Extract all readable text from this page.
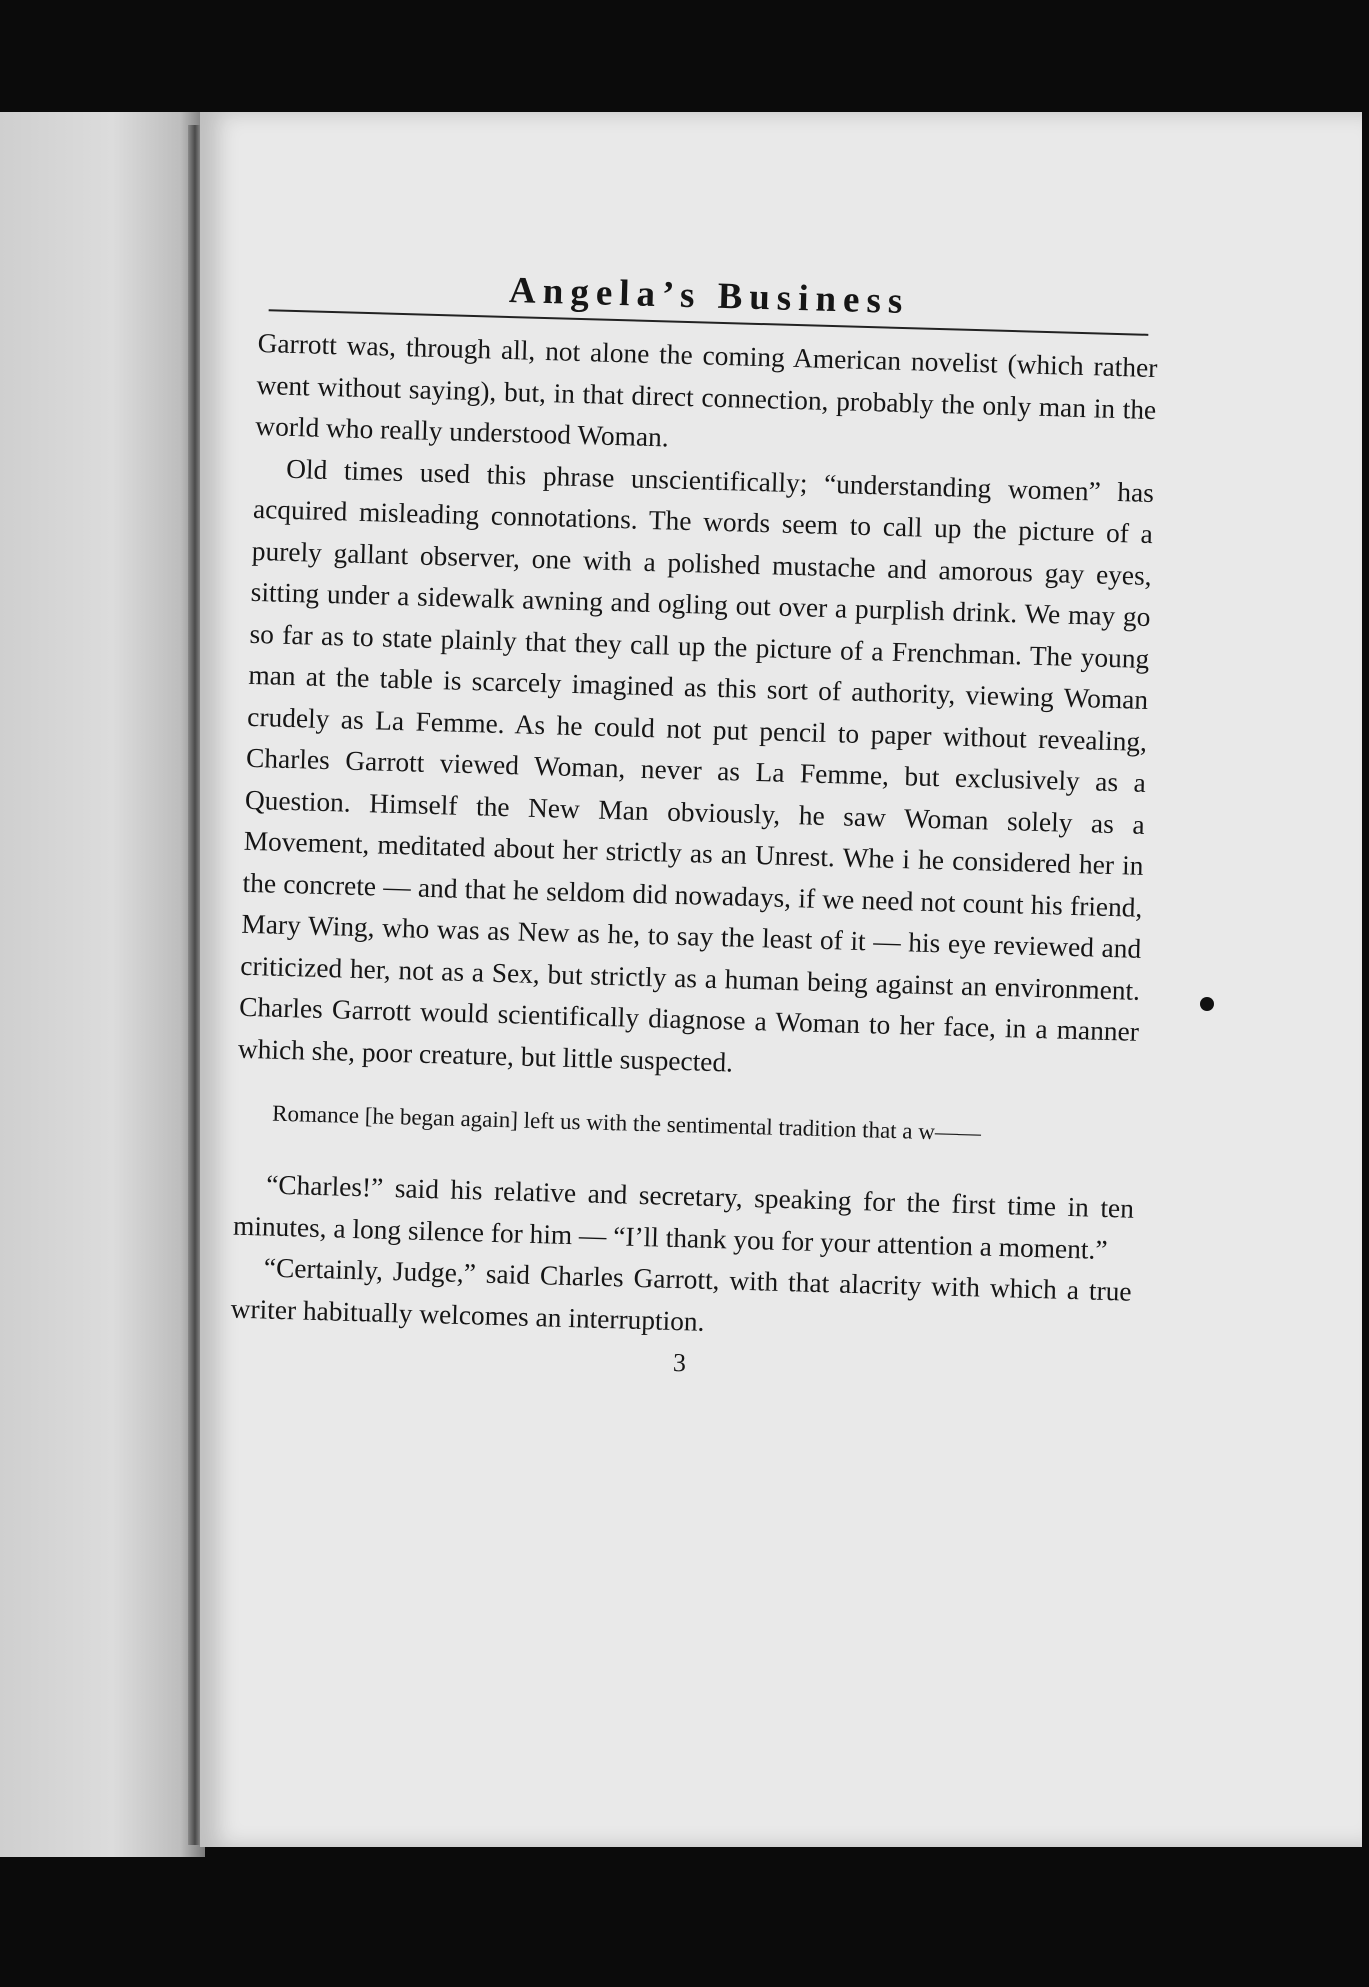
Angela’s Business

Garrott was, through all, not alone the coming American novelist (which rather went without saying), but, in that direct connection, probably the only man in the world who really understood Woman.

Old times used this phrase unscientifically; “understanding women” has acquired misleading connotations. The words seem to call up the picture of a purely gallant observer, one with a polished mustache and amorous gay eyes, sitting under a sidewalk awning and ogling out over a purplish drink. We may go so far as to state plainly that they call up the picture of a Frenchman. The young man at the table is scarcely imagined as this sort of authority, viewing Woman crudely as La Femme. As he could not put pencil to paper without revealing, Charles Garrott viewed Woman, never as La Femme, but exclusively as a Question. Himself the New Man obviously, he saw Woman solely as a Movement, meditated about her strictly as an Unrest. Whe i he considered her in the concrete — and that he seldom did nowadays, if we need not count his friend, Mary Wing, who was as New as he, to say the least of it — his eye reviewed and criticized her, not as a Sex, but strictly as a human being against an environment. Charles Garrott would scientifically diagnose a Woman to her face, in a manner which she, poor creature, but little suspected.

Romance [he began again] left us with the sentimental tradition that a w——

“Charles!” said his relative and secretary, speaking for the first time in ten minutes, a long silence for him — “I’ll thank you for your attention a moment.”

“Certainly, Judge,” said Charles Garrott, with that alacrity with which a true writer habitually welcomes an interruption.

3
